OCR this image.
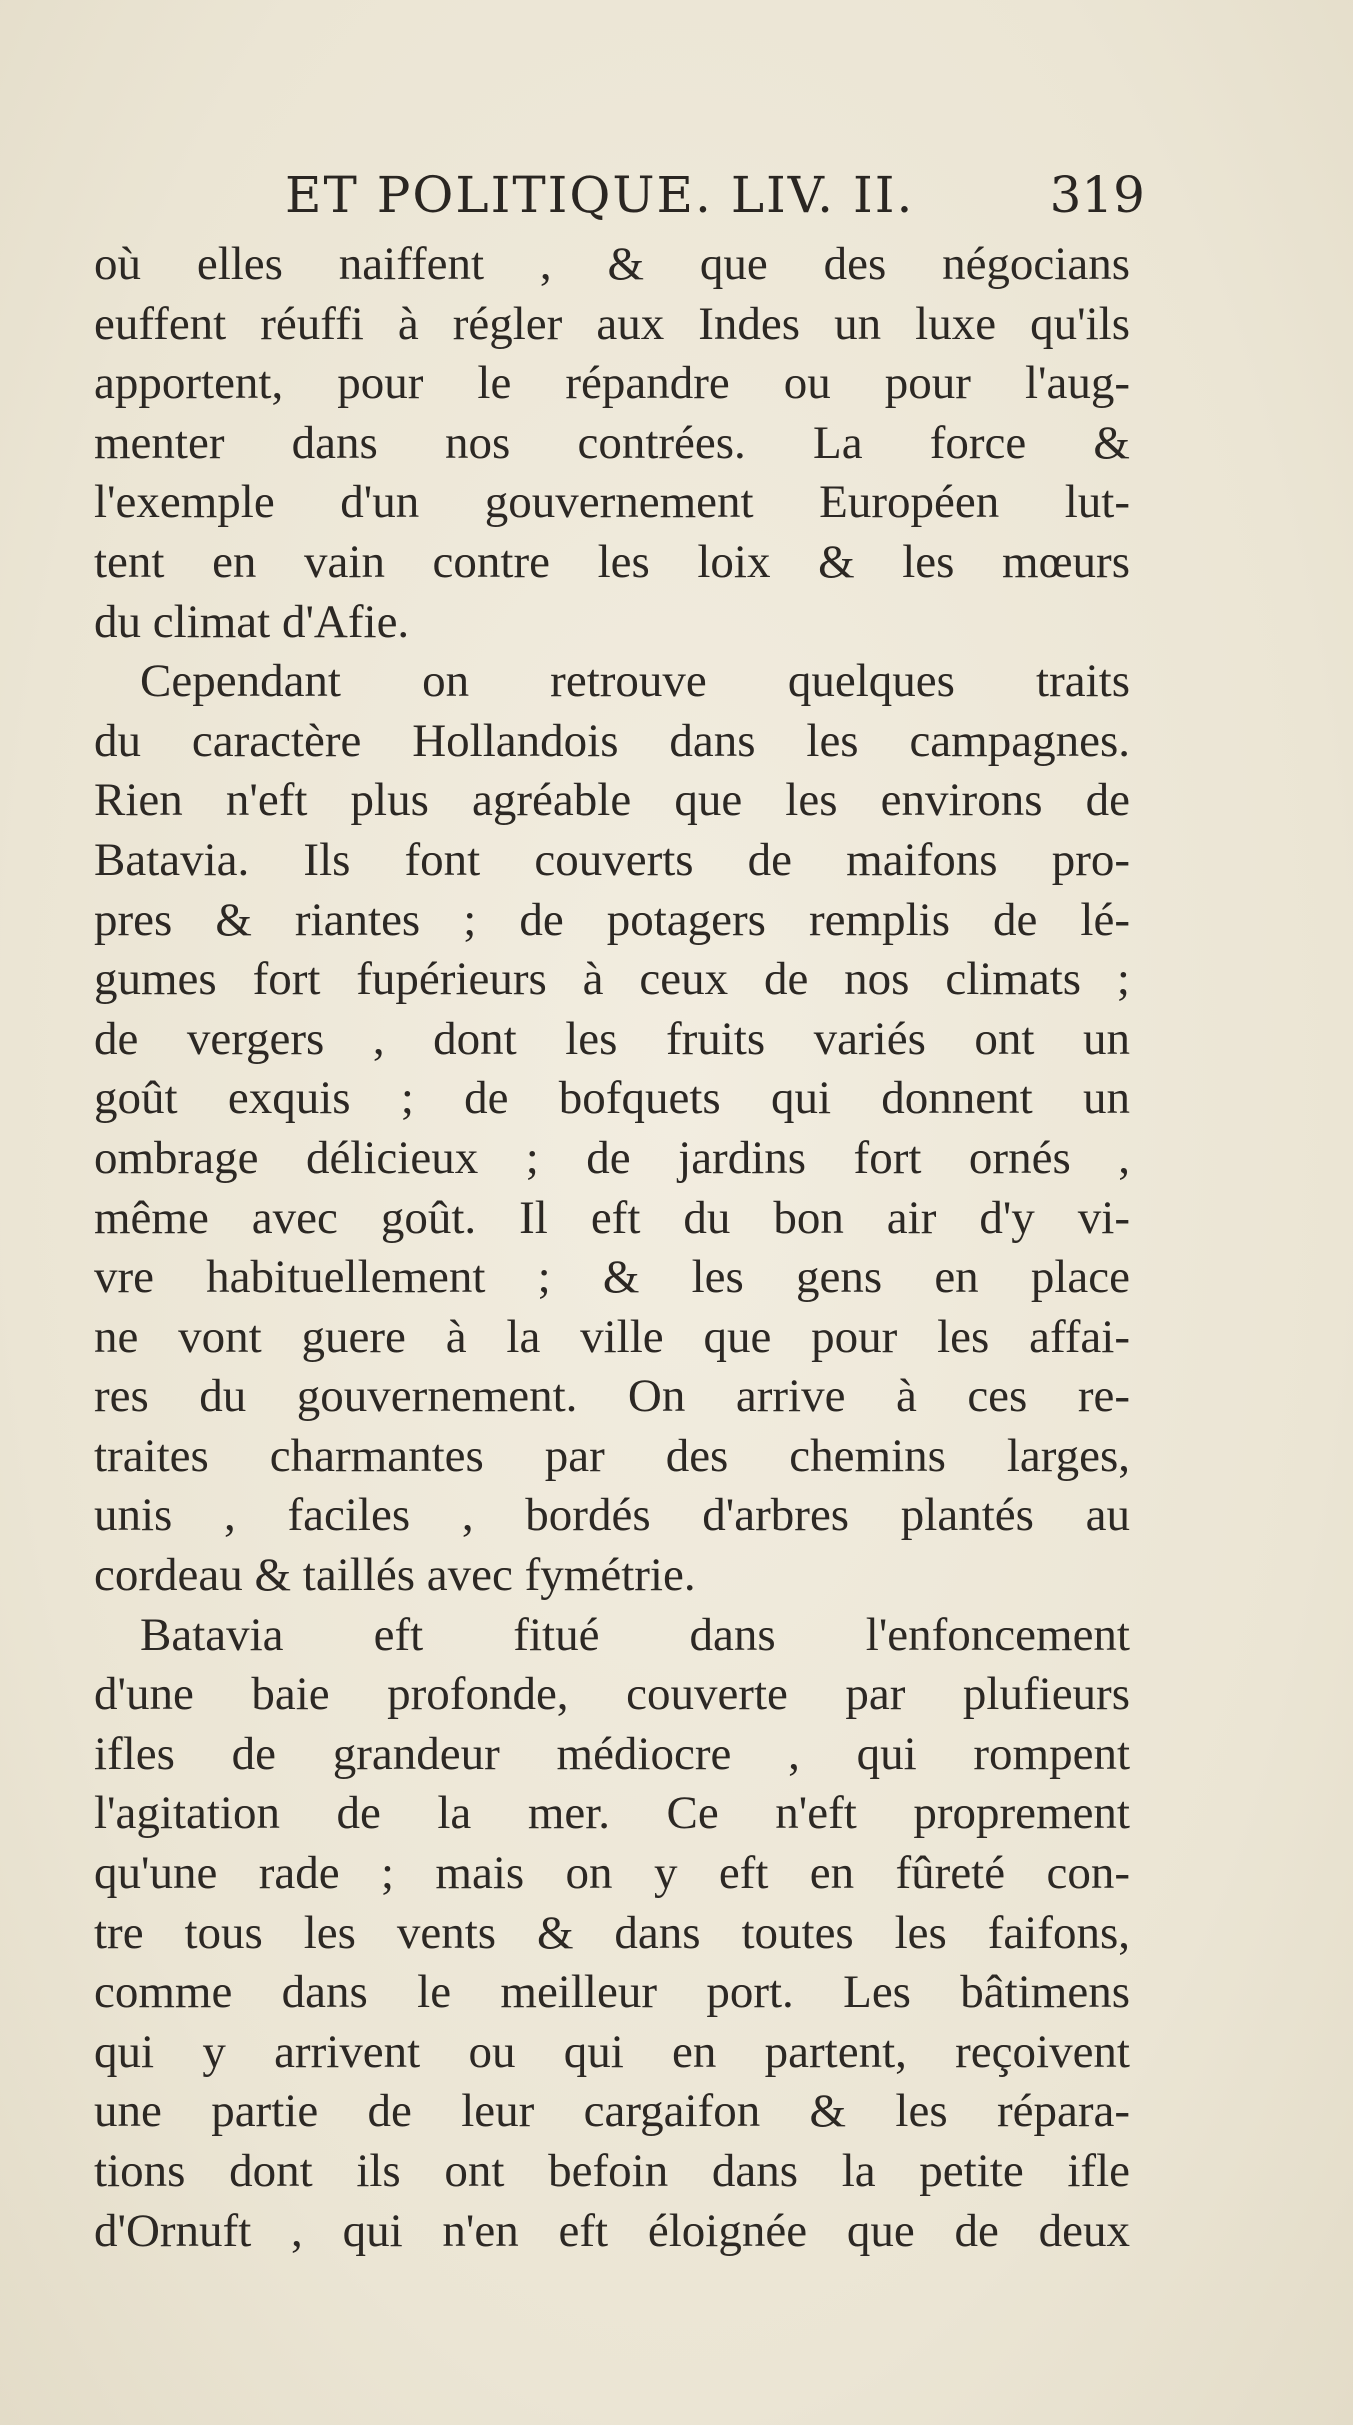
ET POLITIQUE. LIV. II.	319
où elles naiffent , & que des négocians
euffent réuffi à régler aux Indes un luxe qu'ils
apportent, pour le répandre ou pour l'aug-
menter dans nos contrées. La force &
l'exemple d'un gouvernement Européen lut-
tent en vain contre les loix & les mœurs
du climat d'Afie.
Cependant on retrouve quelques traits
du caractère Hollandois dans les campagnes.
Rien n'eft plus agréable que les environs de
Batavia. Ils font couverts de maifons pro-
pres & riantes ; de potagers remplis de lé-
gumes fort fupérieurs à ceux de nos climats ;
de vergers , dont les fruits variés ont un
goût exquis ; de bofquets qui donnent un
ombrage délicieux ; de jardins fort ornés ,
même avec goût. Il eft du bon air d'y vi-
vre habituellement ; & les gens en place
ne vont guere à la ville que pour les affai-
res du gouvernement. On arrive à ces re-
traites charmantes par des chemins larges,
unis , faciles , bordés d'arbres plantés au
cordeau & taillés avec fymétrie.
Batavia eft fitué dans l'enfoncement
d'une baie profonde, couverte par plufieurs
ifles de grandeur médiocre , qui rompent
l'agitation de la mer. Ce n'eft proprement
qu'une rade ; mais on y eft en fûreté con-
tre tous les vents & dans toutes les faifons,
comme dans le meilleur port. Les bâtimens
qui y arrivent ou qui en partent, reçoivent
une partie de leur cargaifon & les répara-
tions dont ils ont befoin dans la petite ifle
d'Ornuft , qui n'en eft éloignée que de deux
